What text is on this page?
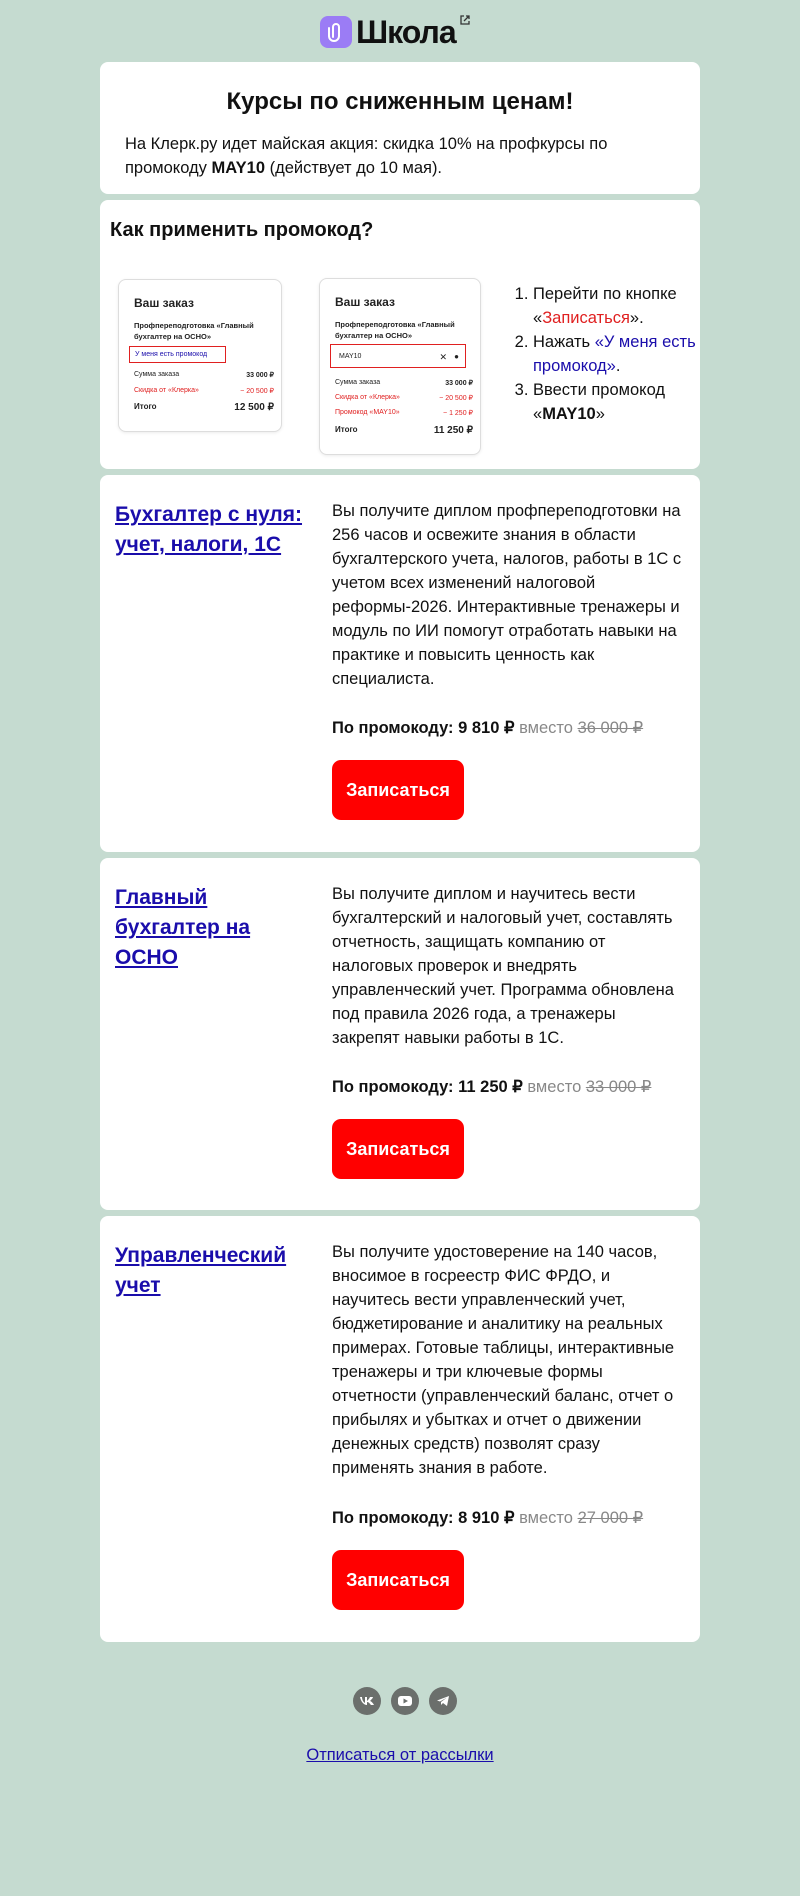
Школа
Курсы по сниженным ценам!
На Клерк.ру идет майская акция: скидка 10% на профкурсы по промокоду MAY10 (действует до 10 мая).
Как применить промокод?
Ваш заказ
Профпереподготовка «Главный бухгалтер на ОСНО»
У меня есть промокод
Сумма заказа	33 000 ₽
Скидка от «Клерка»	− 20 500 ₽
Итого	12 500 ₽
Ваш заказ
Профпереподготовка «Главный бухгалтер на ОСНО»
MAY10	✕ ●
Сумма заказа	33 000 ₽
Скидка от «Клерка»	− 20 500 ₽
Промокод «MAY10»	− 1 250 ₽
Итого	11 250 ₽
1. Перейти по кнопке «Записаться».
2. Нажать «У меня есть промокод».
3. Ввести промокод «MAY10»
Бухгалтер с нуля: учет, налоги, 1С
Вы получите диплом профпереподготовки на 256 часов и освежите знания в области бухгалтерского учета, налогов, работы в 1С с учетом всех изменений налоговой реформы-2026. Интерактивные тренажеры и модуль по ИИ помогут отработать навыки на практике и повысить ценность как специалиста.
По промокоду: 9 810 ₽ вместо 36 000 ₽
Записаться
Главный бухгалтер на ОСНО
Вы получите диплом и научитесь вести бухгалтерский и налоговый учет, составлять отчетность, защищать компанию от налоговых проверок и внедрять управленческий учет. Программа обновлена под правила 2026 года, а тренажеры закрепят навыки работы в 1С.
По промокоду: 11 250 ₽ вместо 33 000 ₽
Записаться
Управленческий учет
Вы получите удостоверение на 140 часов, вносимое в госреестр ФИС ФРДО, и научитесь вести управленческий учет, бюджетирование и аналитику на реальных примерах. Готовые таблицы, интерактивные тренажеры и три ключевые формы отчетности (управленческий баланс, отчет о прибылях и убытках и отчет о движении денежных средств) позволят сразу применять знания в работе.
По промокоду: 8 910 ₽ вместо 27 000 ₽
Записаться
Отписаться от рассылки
